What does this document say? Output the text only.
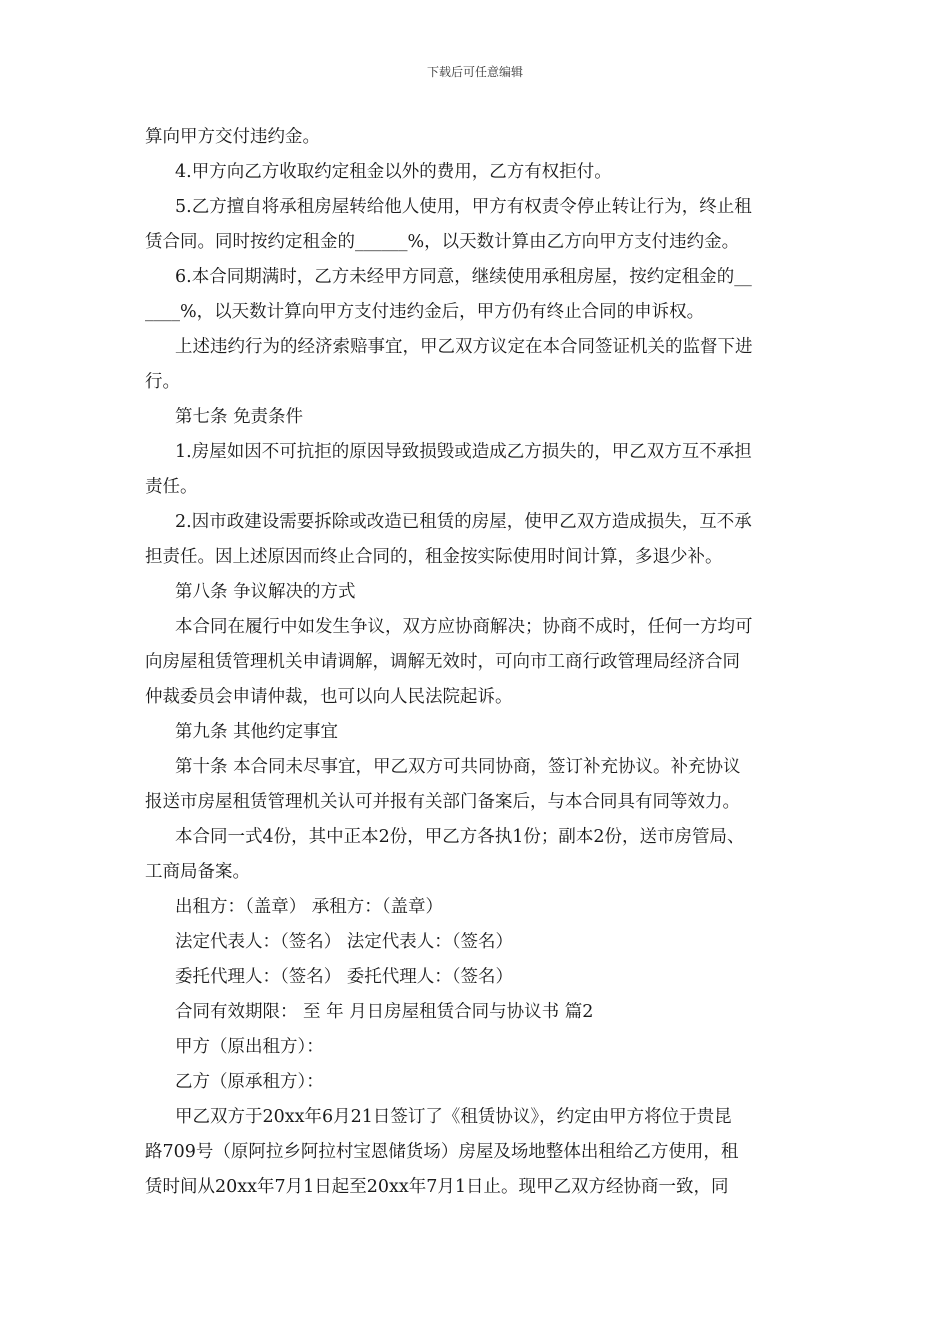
下载后可任意编辑
算向甲方交付违约金。
4.甲方向乙方收取约定租金以外的费用，乙方有权拒付。
5.乙方擅自将承租房屋转给他人使用，甲方有权责令停止转让行为，终止租
赁合同。同时按约定租金的______%，以天数计算由乙方向甲方支付违约金。
6.本合同期满时，乙方未经甲方同意，继续使用承租房屋，按约定租金的__
____%，以天数计算向甲方支付违约金后，甲方仍有终止合同的申诉权。
上述违约行为的经济索赔事宜，甲乙双方议定在本合同签证机关的监督下进
行。
第七条 免责条件
1.房屋如因不可抗拒的原因导致损毁或造成乙方损失的，甲乙双方互不承担
责任。
2.因市政建设需要拆除或改造已租赁的房屋，使甲乙双方造成损失，互不承
担责任。因上述原因而终止合同的，租金按实际使用时间计算，多退少补。
第八条 争议解决的方式
本合同在履行中如发生争议，双方应协商解决；协商不成时，任何一方均可
向房屋租赁管理机关申请调解，调解无效时，可向市工商行政管理局经济合同
仲裁委员会申请仲裁，也可以向人民法院起诉。
第九条 其他约定事宜
第十条 本合同未尽事宜，甲乙双方可共同协商，签订补充协议。补充协议
报送市房屋租赁管理机关认可并报有关部门备案后，与本合同具有同等效力。
本合同一式4份，其中正本2份，甲乙方各执1份；副本2份，送市房管局、
工商局备案。
出租方：（盖章） 承租方：（盖章）
法定代表人：（签名） 法定代表人：（签名）
委托代理人：（签名） 委托代理人：（签名）
合同有效期限： 至 年 月日房屋租赁合同与协议书 篇2
甲方（原出租方）：
乙方（原承租方）：
甲乙双方于20xx年6月21日签订了《租赁协议》，约定由甲方将位于贵昆
路709号（原阿拉乡阿拉村宝恩储货场）房屋及场地整体出租给乙方使用，租
赁时间从20xx年7月1日起至20xx年7月1日止。现甲乙双方经协商一致，同
